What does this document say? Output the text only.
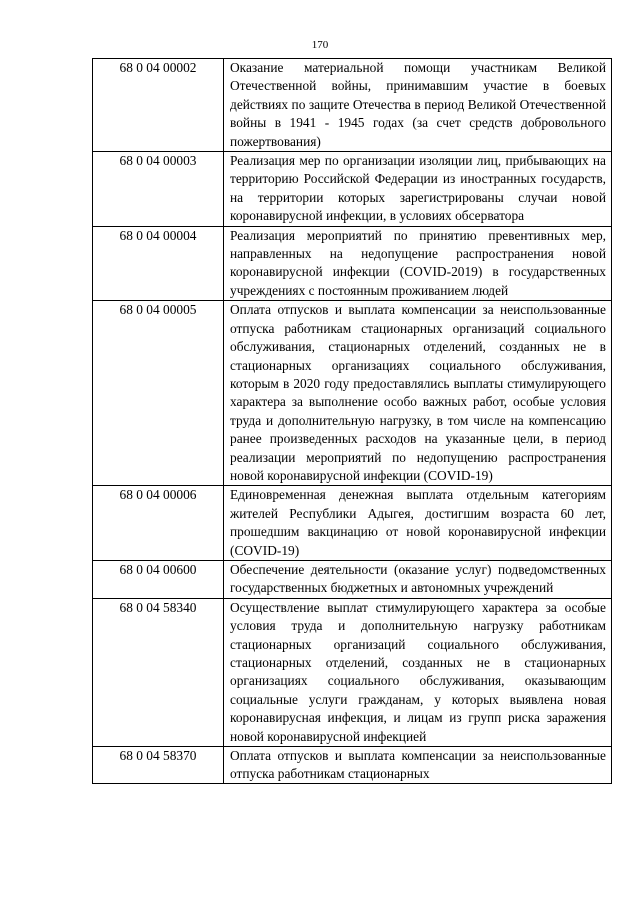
170
68 0 04 00002	Оказание материальной помощи участникам Великой Отечественной войны, принимавшим участие в боевых действиях по защите Отечества в период Великой Отечественной войны в 1941 - 1945 годах (за счет средств добровольного пожертвования)
68 0 04 00003	Реализация мер по организации изоляции лиц, прибывающих на территорию Российской Федерации из иностранных государств, на территории которых зарегистрированы случаи новой коронавирусной инфекции, в условиях обсерватора
68 0 04 00004	Реализация мероприятий по принятию превентивных мер, направленных на недопущение распространения новой коронавирусной инфекции (COVID-2019) в государственных учреждениях с постоянным проживанием людей
68 0 04 00005	Оплата отпусков и выплата компенсации за неиспользованные отпуска работникам стационарных организаций социального обслуживания, стационарных отделений, созданных не в стационарных организациях социального обслуживания, которым в 2020 году предоставлялись выплаты стимулирующего характера за выполнение особо важных работ, особые условия труда и дополнительную нагрузку, в том числе на компенсацию ранее произведенных расходов на указанные цели, в период реализации мероприятий по недопущению распространения новой коронавирусной инфекции (COVID-19)
68 0 04 00006	Единовременная денежная выплата отдельным категориям жителей Республики Адыгея, достигшим возраста 60 лет, прошедшим вакцинацию от новой коронавирусной инфекции (COVID-19)
68 0 04 00600	Обеспечение деятельности (оказание услуг) подведомственных государственных бюджетных и автономных учреждений
68 0 04 58340	Осуществление выплат стимулирующего характера за особые условия труда и дополнительную нагрузку работникам стационарных организаций социального обслуживания, стационарных отделений, созданных не в стационарных организациях социального обслуживания, оказывающим социальные услуги гражданам, у которых выявлена новая коронавирусная инфекция, и лицам из групп риска заражения новой коронавирусной инфекцией
68 0 04 58370	Оплата отпусков и выплата компенсации за неиспользованные отпуска работникам стационарных
